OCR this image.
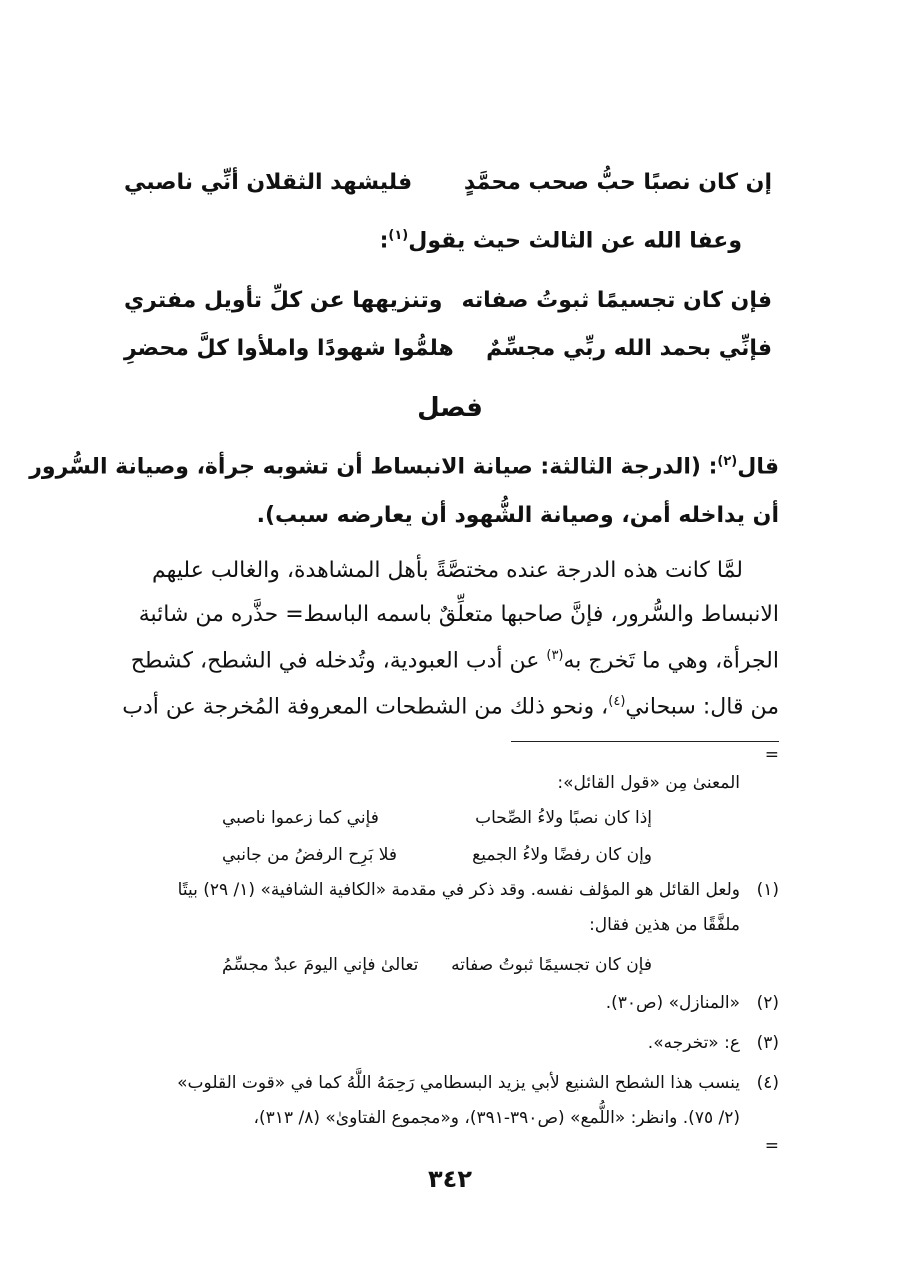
إن كان نصبًا حبُّ صحب محمَّدٍ
فليشهد الثقلان أنِّي ناصبي
وعفا الله عن الثالث حيث يقول$^{(١)}$:
فإن كان تجسيمًا ثبوتُ صفاته
وتنزيهها عن كلِّ تأويل مفتري
فإنِّي بحمد الله ربِّي مجسِّمٌ
هلمُّوا شهودًا واملأوا كلَّ محضرِ
فصل
قال$^{(٢)}$: (الدرجة الثالثة: صيانة الانبساط أن تشوبه جرأة، وصيانة السُّرور
أن يداخله أمن، وصيانة الشُّهود أن يعارضه سبب).
لمَّا كانت هذه الدرجة عنده مختصَّةً بأهل المشاهدة، والغالب عليهم
الانبساط والسُّرور، فإنَّ صاحبها متعلِّقٌ باسمه الباسط= حذَّره من شائبة
الجرأة، وهي ما تَخرج به$^{(٣)}$ عن أدب العبودية، وتُدخله في الشطح، كشطح
من قال: سبحاني$^{(٤)}$، ونحو ذلك من الشطحات المعروفة المُخرجة عن أدب
=
المعنىٰ مِن «قول القائل»:
إذا كان نصبًا ولاءُ الصِّحاب
فإني كما زعموا ناصبي
وإن كان رفضًا ولاءُ الجميع
فلا بَرِح الرفضُ من جانبي
(١)
ولعل القائل هو المؤلف نفسه. وقد ذكر في مقدمة «الكافية الشافية» (١/ ٢٩) بيتًا
ملفَّقًا من هذين فقال:
فإن كان تجسيمًا ثبوتُ صفاته
تعالىٰ فإني اليومَ عبدٌ مجسِّمُ
(٢)
«المنازل» (ص٣٠).
(٣)
ع: «تخرجه».
(٤)
ينسب هذا الشطح الشنيع لأبي يزيد البسطامي رَحِمَهُ اللَّهُ كما في «قوت القلوب»
(٢/ ٧٥). وانظر: «اللُّمع» (ص٣٩٠-٣٩١)، و«مجموع الفتاوىٰ» (٨/ ٣١٣)،
=
٣٤٢
